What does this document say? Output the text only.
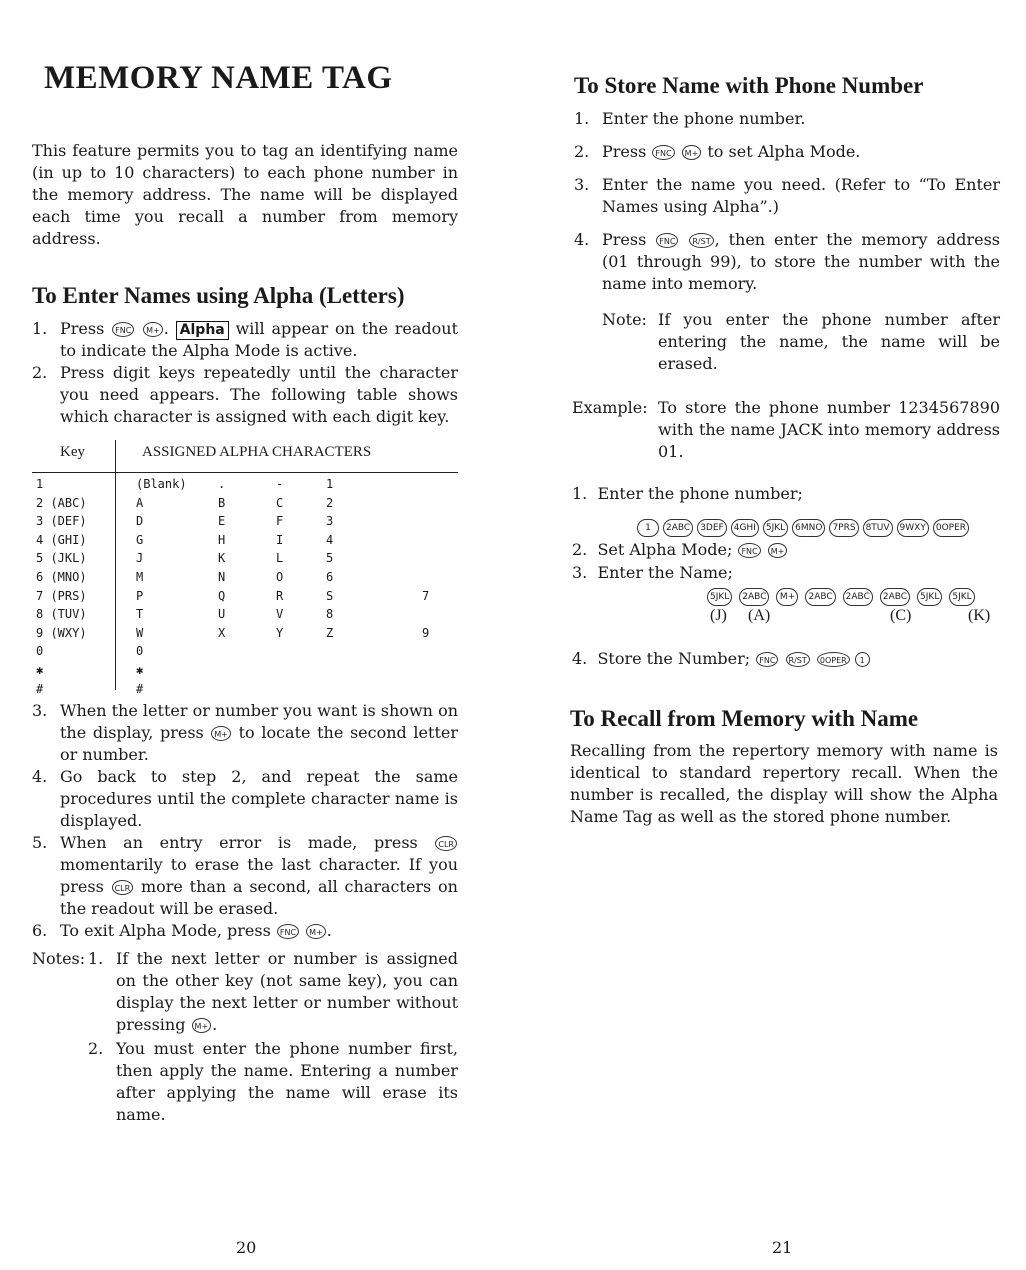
MEMORY NAME TAG

This feature permits you to tag an identifying name (in up to 10 characters) to each phone number in the memory address. The name will be displayed each time you recall a number from memory address.

To Enter Names using Alpha (Letters)
1. Press FNC M+ . Alpha will appear on the readout to indicate the Alpha Mode is active.
2. Press digit keys repeatedly until the character you need appears. The following table shows which character is assigned with each digit key.
Key	ASSIGNED ALPHA CHARACTERS
1	(Blank)	.	-	1
2 (ABC)	A	B	C	2
3 (DEF)	D	E	F	3
4 (GHI)	G	H	I	4
5 (JKL)	J	K	L	5
6 (MNO)	M	N	O	6
7 (PRS)	P	Q	R	S	7
8 (TUV)	T	U	V	8
9 (WXY)	W	X	Y	Z	9
0	0
✱	✱
#	#
3. When the letter or number you want is shown on the display, press M+ to locate the second letter or number.
4. Go back to step 2, and repeat the same procedures until the complete character name is displayed.
5. When an entry error is made, press	CLR momentarily to erase the last character. If you press CLR more than a second, all characters on the readout will be erased.
6. To exit Alpha Mode, press FNC M+ .
Notes: 1. If the next letter or number is assigned on the other key (not same key), you can display the next letter or number without pressing M+ .
2. You must enter the phone number first, then apply the name. Entering a number after applying the name will erase its name.
20
To Store Name with Phone Number
1. Enter the phone number.
2. Press FNC M+ to set Alpha Mode.
3. Enter the name you need. (Refer to “To Enter Names using Alpha”.)
4. Press FNC R/ST , then enter the memory address (01 through 99), to store the number with the name into memory.
Note: If you enter the phone number after entering the name, the name will be erased.

Example: To store the phone number 1234567890 with the name JACK into memory address 01.

1. Enter the phone number;
1 2ABC 3DEF 4GHI 5JKL 6MNO 7PRS 8TUV 9WXY 0OPER
2. Set Alpha Mode; FNC M+
3. Enter the Name;
5JKL 2ABC M+ 2ABC 2ABC 2ABC 5JKL 5JKL
(J) (A)	(C)	(K)
4. Store the Number; FNC R/ST 0OPER 1
To Recall from Memory with Name

Recalling from the repertory memory with name is identical to standard repertory recall. When the number is recalled, the display will show the Alpha Name Tag as well as the stored phone number.

21
